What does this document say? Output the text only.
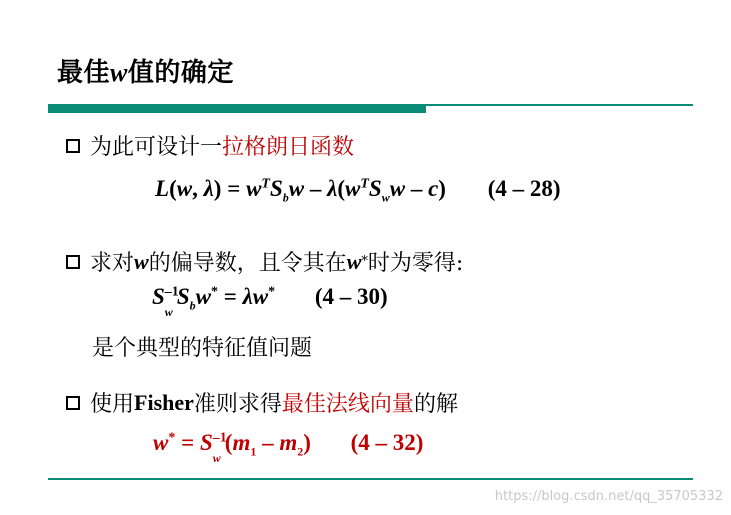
最佳w值的确定
为此可设计一 拉格朗日函数
L(w, $\lambda) = w^TS_bw - \lambda(w^TS_ww - c)$ (4 – 28)
求对 w 的偏导数，且令其在 w * 时为零得:
$S^{-1}_wS_bw^* = \lambda w^*$ (4 – 30)
是个典型的特征值问题
使用 Fisher 准则求得 最佳法线向量 的解
$w^* = S^{-1}_w(m_1 - m_2)$ (4 – 32)
https://blog.csdn.net/qq_35705332
